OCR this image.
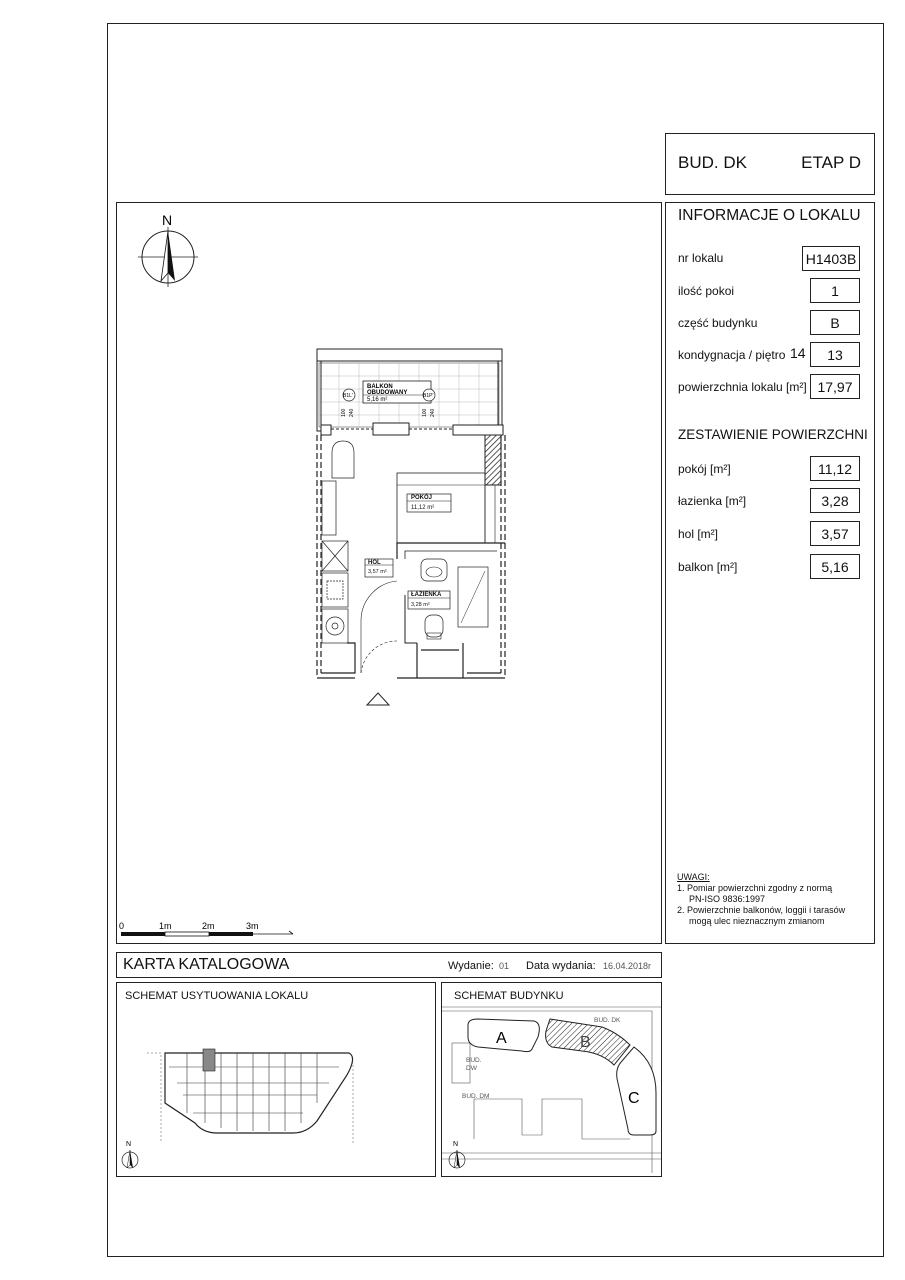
BUD. DK	ETAP D
INFORMACJE O LOKALU
nr lokalu	H1403B
ilość pokoi	1
część budynku	B
kondygnacja / piętro 14	13
powierzchnia lokalu [m²] 17,97
ZESTAWIENIE POWIERZCHNI
pokój [m²]	11,12
łazienka [m²]	3,28
hol [m²]	3,57
balkon [m²]	5,16
UWAGI:
1. Pomiar powierzchni zgodny z normą
PN-ISO 9836:1997
2. Powierzchnie balkonów, loggii i tarasów
mogą ulec nieznacznym zmianom
N
BALKON
OBUDOWANY
5,16 m²
B1L'	B1P'
100 240	100 240
POKÓJ
11,12 m²
HOL
3,57 m²
ŁAZIENKA
3,28 m²
0	1m	2m	3m
KARTA KATALOGOWA	Wydanie: 01 Data wydania: 16.04.2018r
SCHEMAT USYTUOWANIA LOKALU
N
SCHEMAT BUDYNKU
A	B
C
BUD. DK
BUD.
DW
BUD. DM
N
